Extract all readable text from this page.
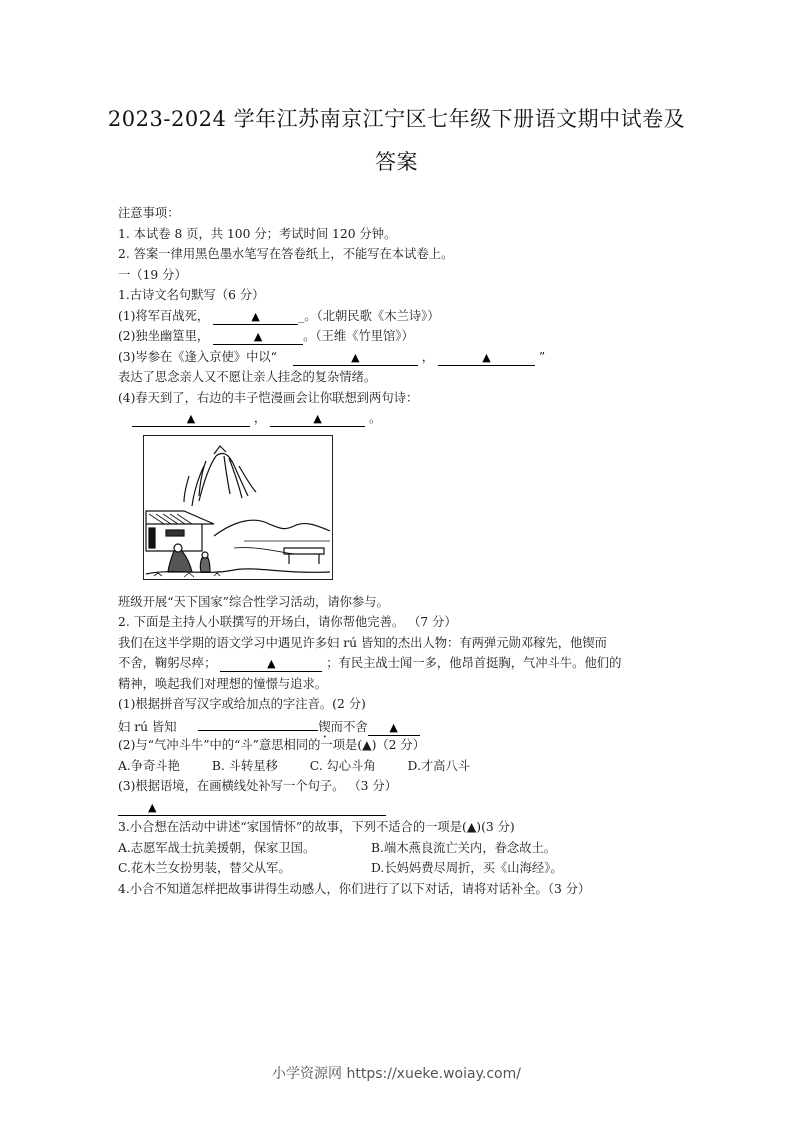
2023-2024 学年江苏南京江宁区七年级下册语文期中试卷及
答案
注意事项：
1. 本试卷 8 页，共 100 分；考试时间 120 分钟。
2. 答案一律用黑色墨水笔写在答卷纸上，不能写在本试卷上。
一（19 分）
1.古诗文名句默写（6 分）
(1)将军百战死，	▲	_。（北朝民歌《木兰诗》）
(2)独坐幽篁里，	▲	。（王维《竹里馆》）
(3)岑参在《逢入京使》中以“	▲	，	▲	”
表达了思念亲人又不愿让亲人挂念的复杂情绪。
(4)春天到了，右边的丰子恺漫画会让你联想到两句诗：
▲	，	▲	。
班级开展“天下国家”综合性学习活动，请你参与。
2. 下面是主持人小联撰写的开场白，请你帮他完善。 （7 分）
我们在这半学期的语文学习中遇见许多妇 rú 皆知的杰出人物：有两弹元勋邓稼先，他锲而
不舍，鞠躬尽瘁；	▲	；有民主战士闻一多，他昂首挺胸，气冲斗牛。他们的
精神，唤起我们对理想的憧憬与追求。
(1)根据拼音写汉字或给加点的字注音。(2 分)
妇 rú 皆知	锲而不舍 ▲
(2)与“气冲斗牛”中的“斗”意思相同的一项是(▲)（2 分）
A.争奇斗艳	B. 斗转星移	C. 勾心斗角	D.才高八斗
(3)根据语境，在画横线处补写一个句子。 （3 分）
▲
3.小合想在活动中讲述“家国情怀”的故事，下列不适合的一项是(▲)(3 分)
A.志愿军战士抗美援朝，保家卫国。	B.端木燕良流亡关内，眷念故土。
C.花木兰女扮男装，替父从军。	D.长妈妈费尽周折，买《山海经》。
4.小合不知道怎样把故事讲得生动感人，你们进行了以下对话，请将对话补全。（3 分）
小学资源网 https://xueke.woiay.com/
